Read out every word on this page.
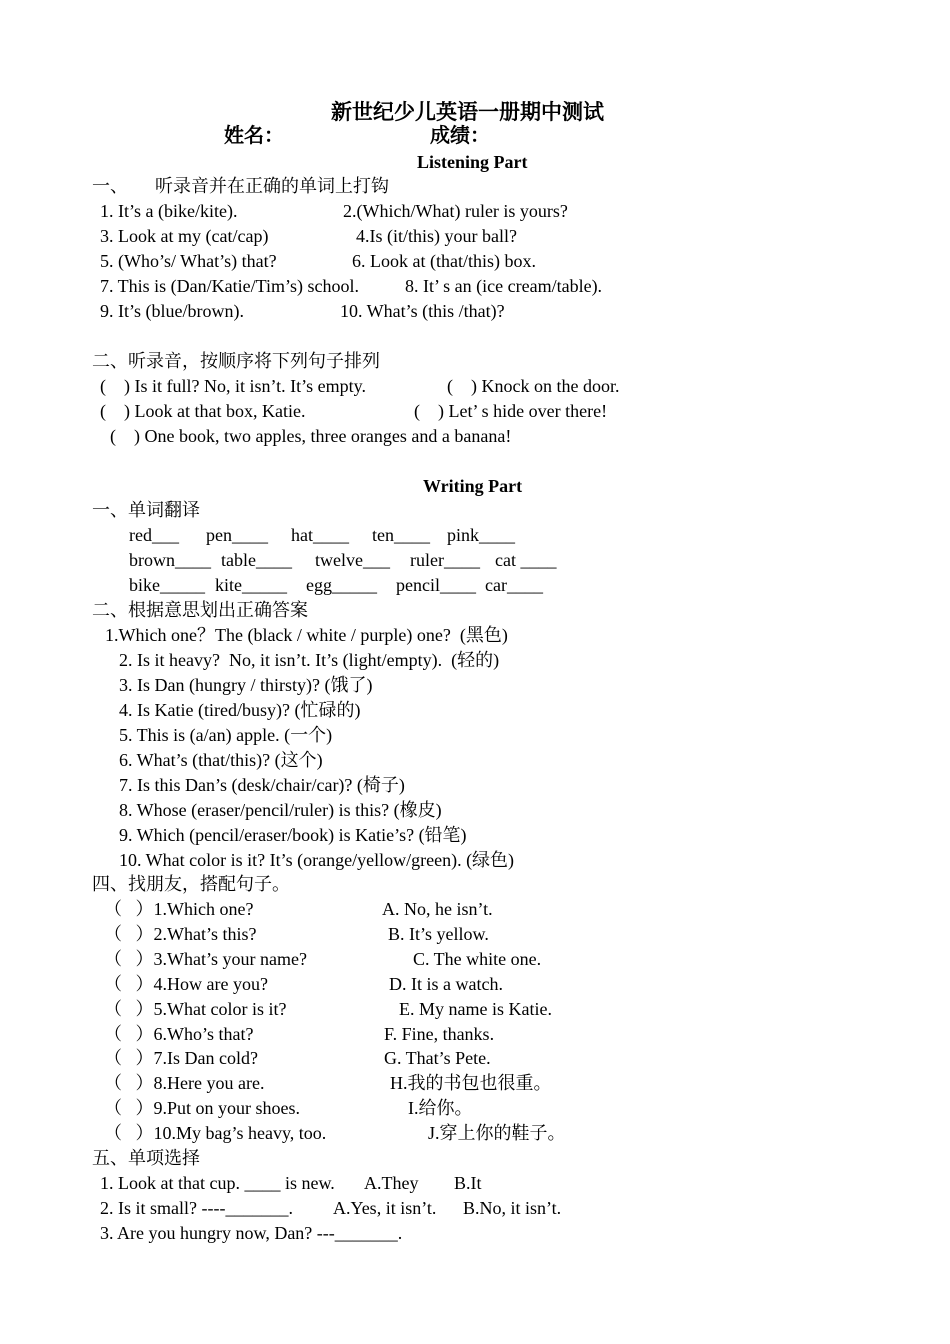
新世纪少儿英语一册期中测试
姓名：	成绩：
Listening Part
一、      听录音并在正确的单词上打钩
1. It’s a (bike/kite).	2.(Which/What) ruler is yours?
3. Look at my (cat/cap)	4.Is (it/this) your ball?
5. (Who’s/ What’s) that?	6. Look at (that/this) box.
7. This is (Dan/Katie/Tim’s) school.	8. It’ s an (ice cream/table).
9. It’s (blue/brown).	10. What’s (this /that)?
二、听录音，按顺序将下列句子排列
(    ) Is it full? No, it isn’t. It’s empty.	(    ) Knock on the door.
(    ) Look at that box, Katie.	(    ) Let’ s hide over there!
(    ) One book, two apples, three oranges and a banana!
Writing Part
一、单词翻译
red___ pen____ hat____ ten____ pink____
brown____ table____ twelve___ ruler____ cat ____
bike_____ kite_____ egg_____ pencil____ car____
二、根据意思划出正确答案
1.Which one？The (black / white / purple) one?  (黑色)
2. Is it heavy?  No, it isn’t. It’s (light/empty).  (轻的)
3. Is Dan (hungry / thirsty)? (饿了)
4. Is Katie (tired/busy)? (忙碌的)
5. This is (a/an) apple. (一个)
6. What’s (that/this)? (这个)
7. Is this Dan’s (desk/chair/car)? (椅子)
8. Whose (eraser/pencil/ruler) is this? (橡皮)
9. Which (pencil/eraser/book) is Katie’s? (铅笔)
10. What color is it? It’s (orange/yellow/green). (绿色)
四、找朋友，搭配句子。
（   ）1.Which one?	A. No, he isn’t.
（   ）2.What’s this?	B. It’s yellow.
（   ）3.What’s your name?	C. The white one.
（   ）4.How are you?	D. It is a watch.
（   ）5.What color is it?	E. My name is Katie.
（   ）6.Who’s that?	F. Fine, thanks.
（   ）7.Is Dan cold?	G. That’s Pete.
（   ）8.Here you are.	H.我的书包也很重。
（   ）9.Put on your shoes.	I.给你。
（   ）10.My bag’s heavy, too.	J.穿上你的鞋子。
五、单项选择
1. Look at that cup. ____ is new. A.They B.It
2. Is it small? ----_______. A.Yes, it isn’t. B.No, it isn’t.
3. Are you hungry now, Dan? ---_______.
